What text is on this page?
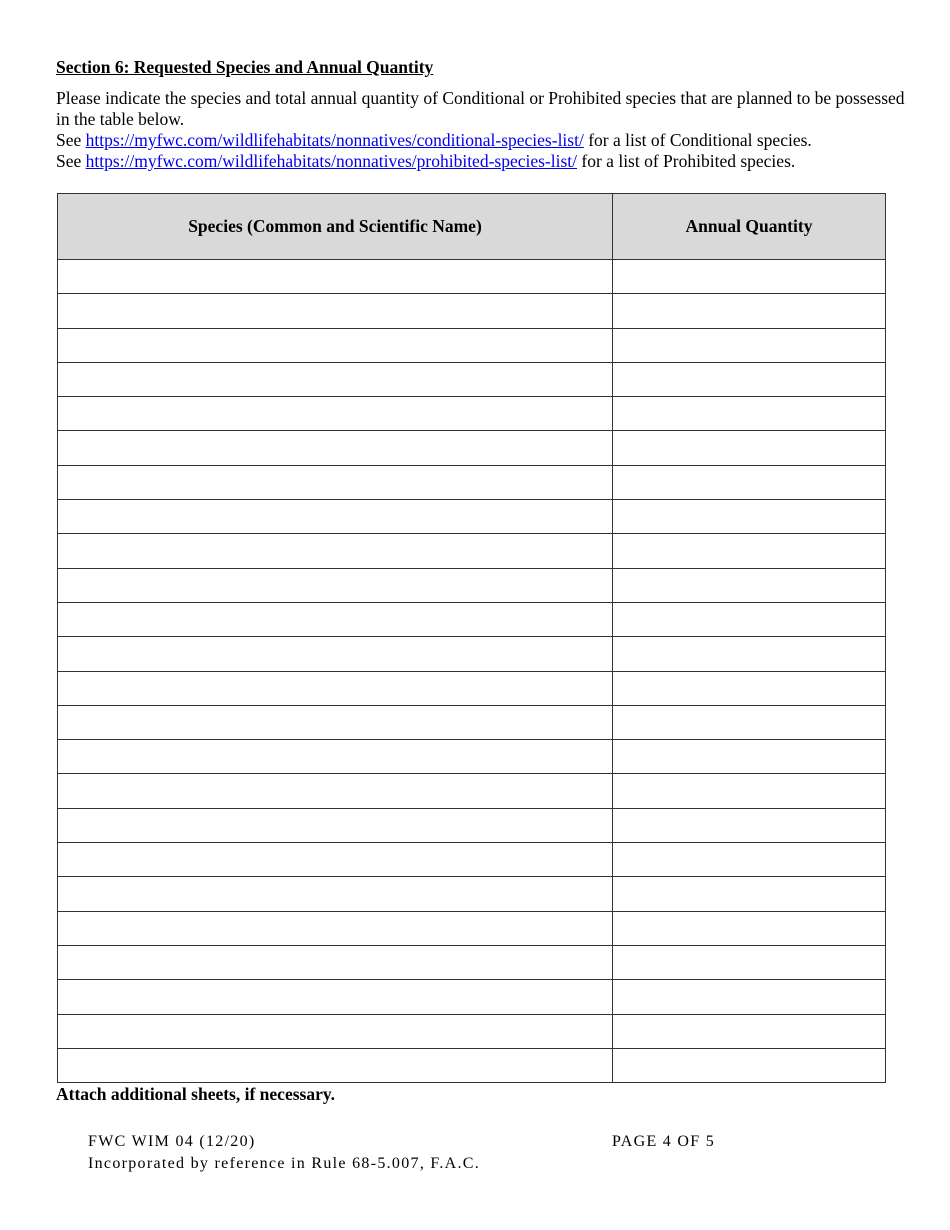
Section 6: Requested Species and Annual Quantity
Please indicate the species and total annual quantity of Conditional or Prohibited species that are planned to be possessed in the table below.
See https://myfwc.com/wildlifehabitats/nonnatives/conditional-species-list/ for a list of Conditional species.
See https://myfwc.com/wildlifehabitats/nonnatives/prohibited-species-list/ for a list of Prohibited species.
Species (Common and Scientific Name)	Annual Quantity

Attach additional sheets, if necessary.
FWC WIM 04 (12/20)
Incorporated by reference in Rule 68-5.007, F.A.C.
PAGE 4 OF 5
